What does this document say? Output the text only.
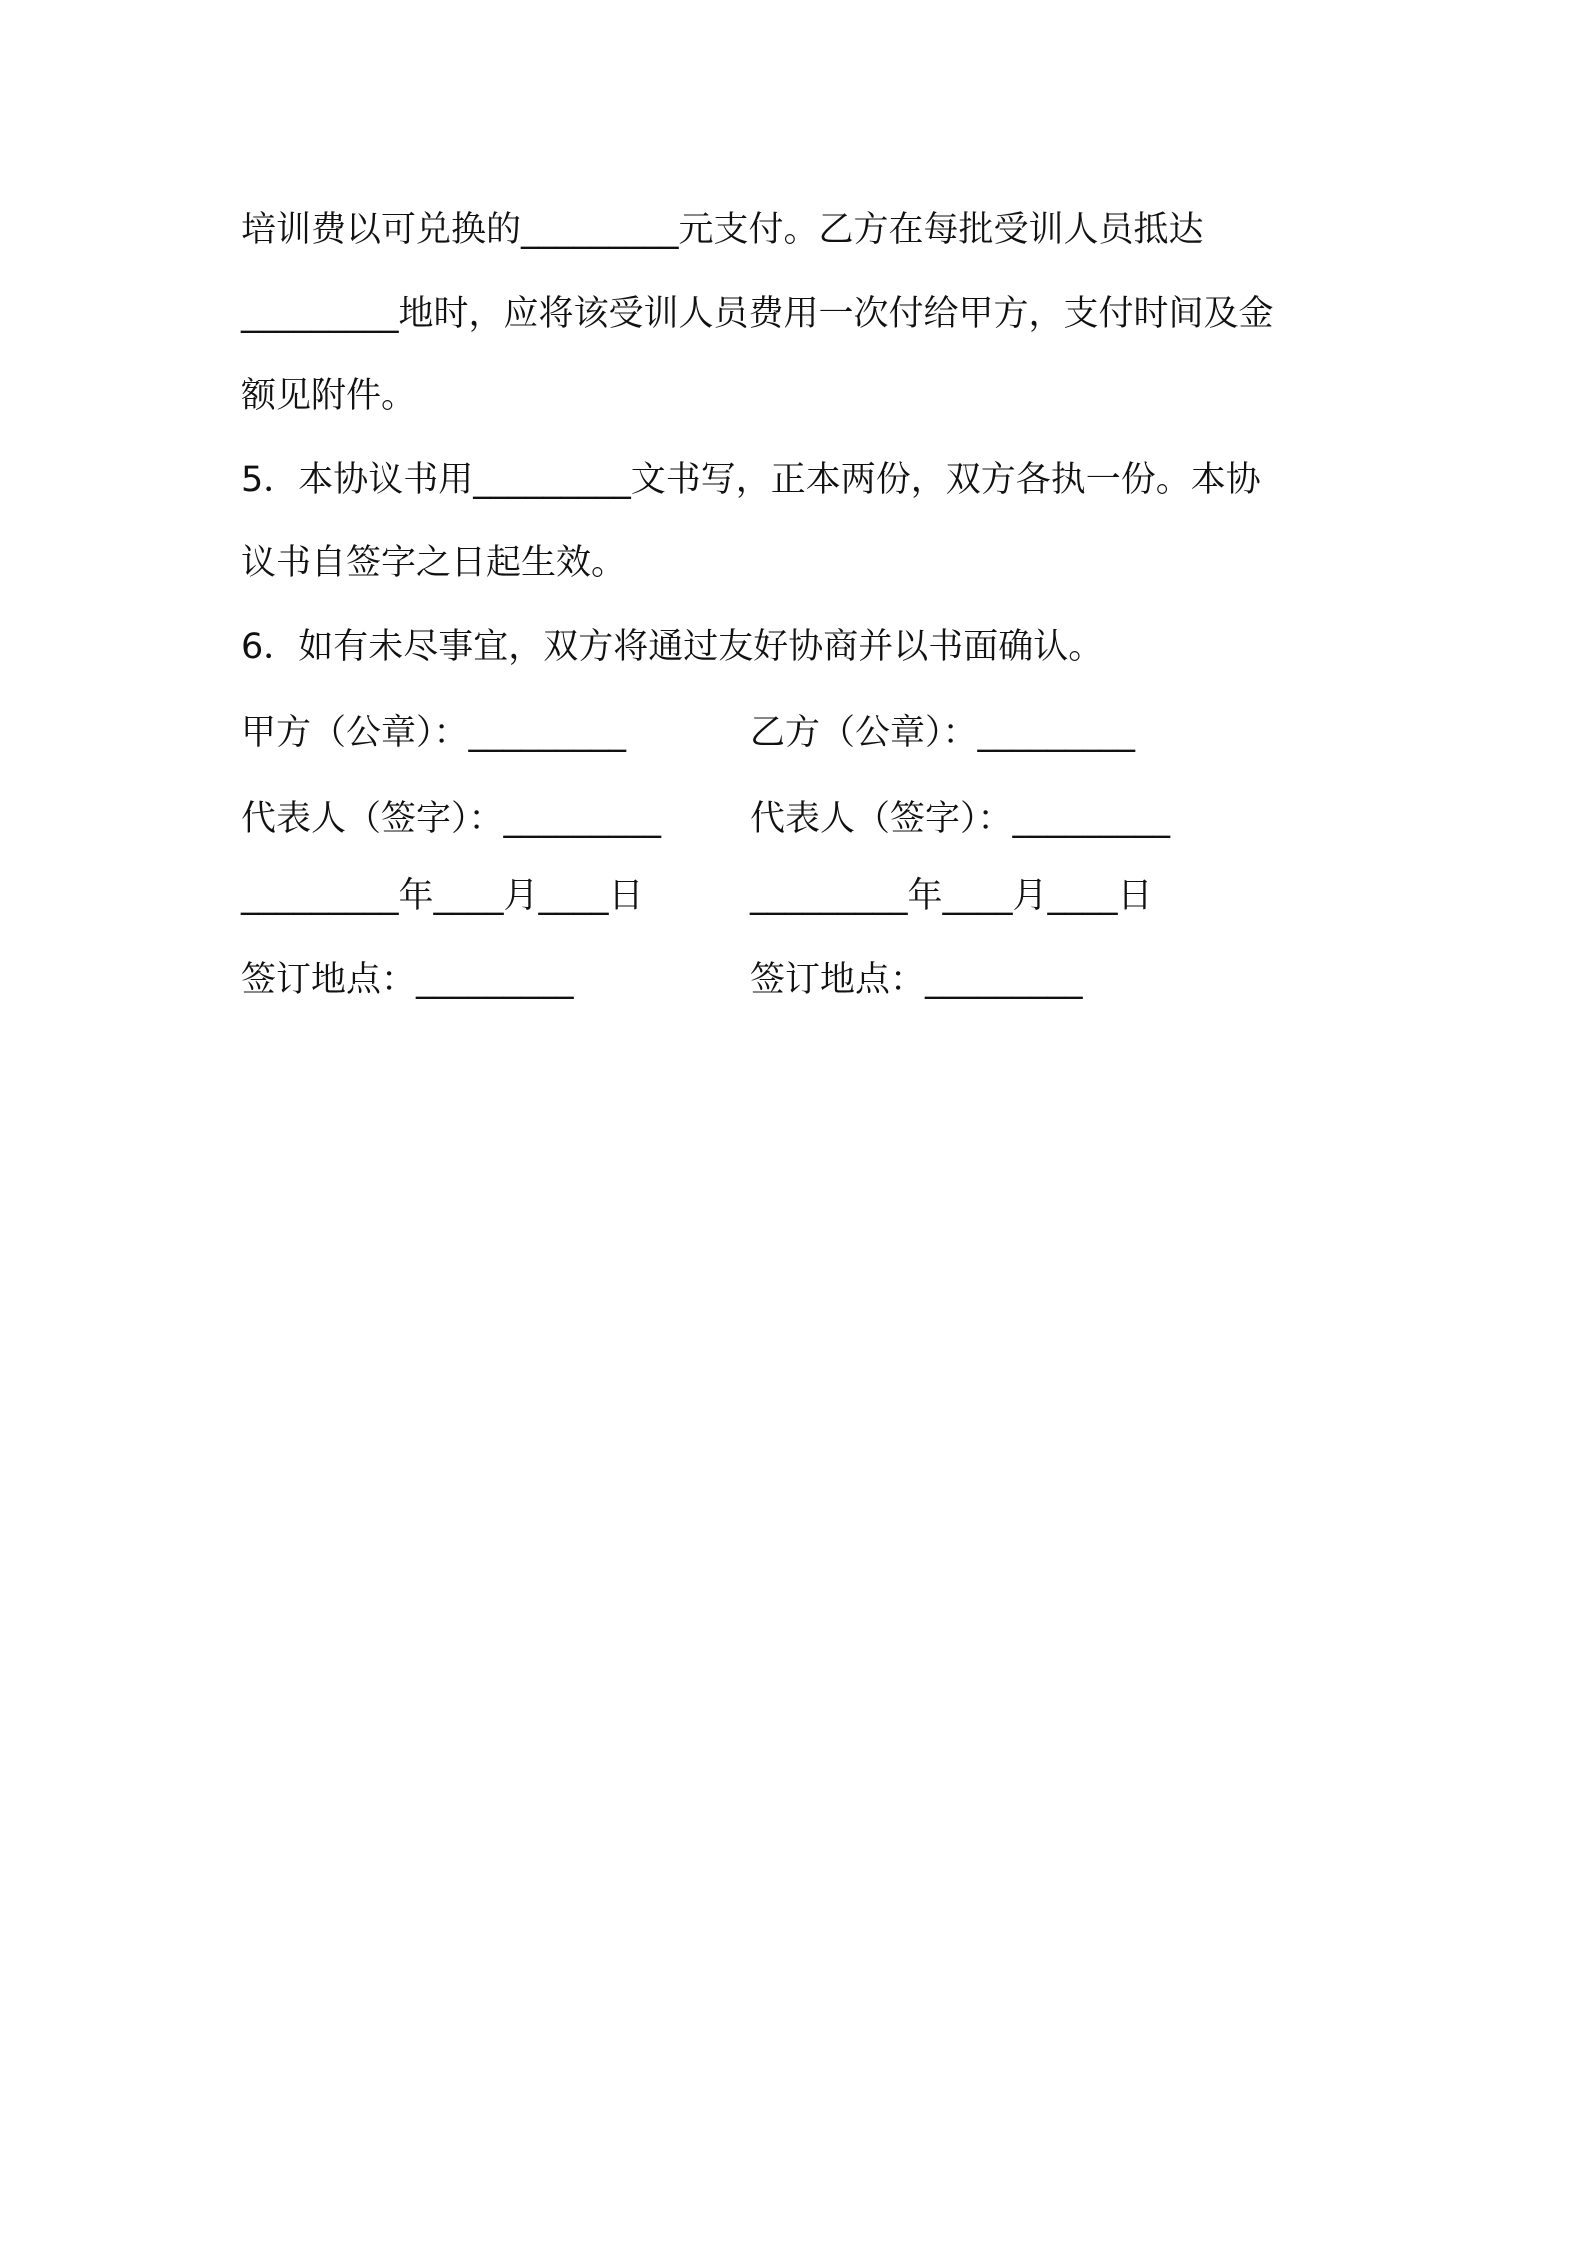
培训费以可兑换的_________元支付。乙方在每批受训人员抵达
_________地时，应将该受训人员费用一次付给甲方，支付时间及金
额见附件。
5．本协议书用_________文书写，正本两份，双方各执一份。本协
议书自签字之日起生效。
6．如有未尽事宜，双方将通过友好协商并以书面确认。
甲方（公章）：_________	乙方（公章）：_________
代表人（签字）：_________	代表人（签字）：_________
_________年____月____日	_________年____月____日
签订地点：_________	签订地点：_________
